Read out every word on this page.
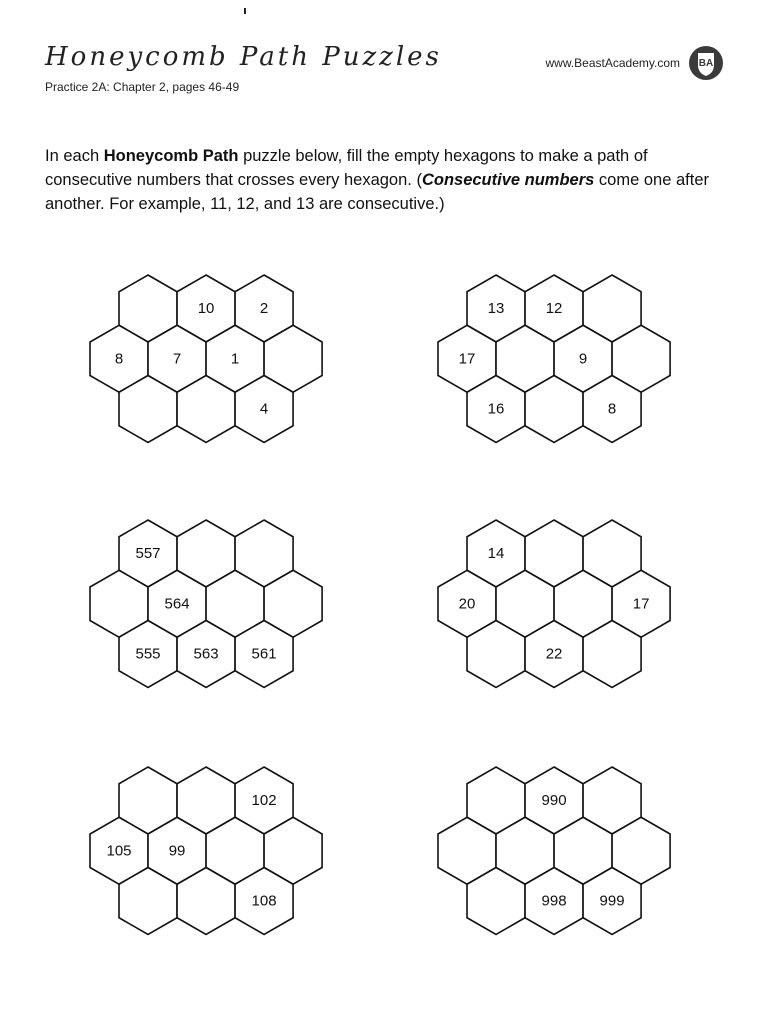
Honeycomb Path Puzzles
Practice 2A: Chapter 2, pages 46-49
www.BeastAcademy.com BA

In each Honeycomb Path puzzle below, fill the empty hexagons to make a path of consecutive numbers that crosses every hexagon. (Consecutive numbers come one after another. For example, 11, 12, and 13 are consecutive.)

10	2
8	7	1
4
13	12
17	9
16	8
557
564
555 563 561
14
20	17
22
102
105 99
108
990
998 999
